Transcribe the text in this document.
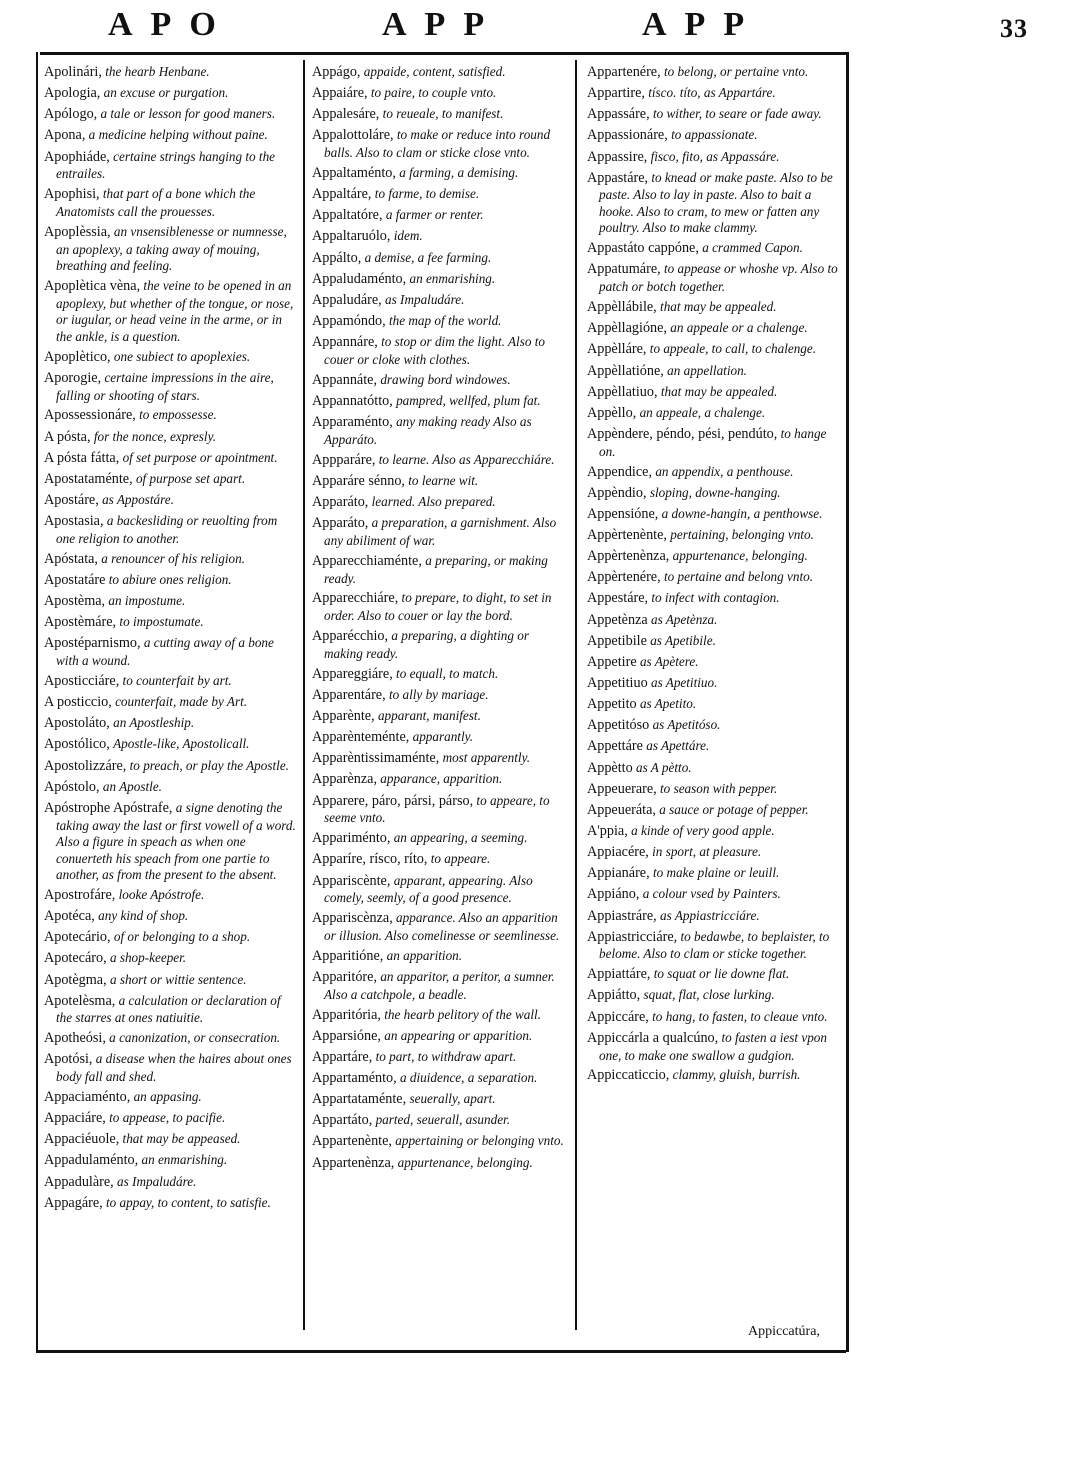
APO	APP	APP	33
Apolinári, the hearb Henbane.
Apologia, an excuse or purgation.
Apólogo, a tale or lesson for good maners.
Apona, a medicine helping without paine.
Apophiáde, certaine strings hanging to the entrailes.
Apophisi, that part of a bone which the Anatomists call the prouesses.
Apoplèssia, an vnsensiblenesse or numnesse, an apoplexy, a taking away of mouing, breathing and feeling.
Apoplètica vèna, the veine to be opened in an apoplexy, but whether of the tongue, or nose, or iugular, or head veine in the arme, or in the ankle, is a question.
Apoplètico, one subiect to apoplexies.
Aporogie, certaine impressions in the aire, falling or shooting of stars.
Apossessionáre, to empossesse.
A pósta, for the nonce, expresly.
A pósta fátta, of set purpose or apointment.
Apostataménte, of purpose set apart.
Apostáre, as Appostáre.
Apostasia, a backesliding or reuolting from one religion to another.
Apóstata, a renouncer of his religion.
Apostatáre to abiure ones religion.
Apostèma, an impostume.
Apostèmáre, to impostumate.
Apostéparnismo, a cutting away of a bone with a wound.
Aposticciáre, to counterfait by art.
A posticcio, counterfait, made by Art.
Apostoláto, an Apostleship.
Apostólico, Apostle-like, Apostolicall.
Apostolizzáre, to preach, or play the Apostle.
Apóstolo, an Apostle.
Apóstrophe Apóstrafe, a signe denoting the taking away the last or first vowell of a word. Also a figure in speach as when one conuerteth his speach from one partie to another, as from the present to the absent.
Apostrofáre, looke Apóstrofe.
Apotéca, any kind of shop.
Apotecário, of or belonging to a shop.
Apotecáro, a shop-keeper.
Apotègma, a short or wittie sentence.
Apotelèsma, a calculation or declaration of the starres at ones natiuitie.
Apotheósi, a canonization, or consecration.
Apotósi, a disease when the haires about ones body fall and shed.
Appaciaménto, an appasing.
Appaciáre, to appease, to pacifie.
Appaciéuole, that may be appeased.
Appadulaménto, an enmarishing.
Appadulàre, as Impaludáre.
Appagáre, to appay, to content, to satisfie.
Appágo, appaide, content, satisfied.
Appaiáre, to paire, to couple vnto.
Appalesáre, to reueale, to manifest.
Appalottoláre, to make or reduce into round balls. Also to clam or sticke close vnto.
Appaltaménto, a farming, a demising.
Appaltáre, to farme, to demise.
Appaltatóre, a farmer or renter.
Appaltaruólo, idem.
Appálto, a demise, a fee farming.
Appaludaménto, an enmarishing.
Appaludáre, as Impaludáre.
Appamóndo, the map of the world.
Appannáre, to stop or dim the light. Also to couer or cloke with clothes.
Appannáte, drawing bord windowes.
Appannatótto, pampred, wellfed, plum fat.
Apparaménto, any making ready Also as Apparáto.
Appparáre, to learne. Also as Apparecchiáre.
Apparáre sénno, to learne wit.
Apparáto, learned. Also prepared.
Apparáto, a preparation, a garnishment. Also any abiliment of war.
Apparecchiaménte, a preparing, or making ready.
Apparecchiáre, to prepare, to dight, to set in order. Also to couer or lay the bord.
Apparécchio, a preparing, a dighting or making ready.
Appareggiáre, to equall, to match.
Apparentáre, to ally by mariage.
Apparènte, apparant, manifest.
Apparènteménte, apparantly.
Apparèntissimaménte, most apparently.
Apparènza, apparance, apparition.
Apparere, páro, pársi, párso, to appeare, to seeme vnto.
Appariménto, an appearing, a seeming.
Apparíre, rísco, ríto, to appeare.
Appariscènte, apparant, appearing. Also comely, seemly, of a good presence.
Appariscènza, apparance. Also an apparition or illusion. Also comelinesse or seemlinesse.
Apparitióne, an apparition.
Apparitóre, an apparitor, a peritor, a sumner. Also a catchpole, a beadle.
Apparitória, the hearb pelitory of the wall.
Apparsióne, an appearing or apparition.
Appartáre, to part, to withdraw apart.
Appartaménto, a diuidence, a separation.
Appartataménte, seuerally, apart.
Appartáto, parted, seuerall, asunder.
Appartenènte, appertaining or belonging vnto.
Appartenènza, appurtenance, belonging.
Appartenére, to belong, or pertaine vnto.
Appartire, tísco. títo, as Appartáre.
Appassáre, to wither, to seare or fade away.
Appassionáre, to appassionate.
Appassire, fisco, fito, as Appassáre.
Appastáre, to knead or make paste. Also to be paste. Also to lay in paste. Also to bait a hooke. Also to cram, to mew or fatten any poultry. Also to make clammy.
Appastáto cappóne, a crammed Capon.
Appatumáre, to appease or whoshe vp. Also to patch or botch together.
Appèllábile, that may be appealed.
Appèllagióne, an appeale or a chalenge.
Appèlláre, to appeale, to call, to chalenge.
Appèllatióne, an appellation.
Appèllatiuo, that may be appealed.
Appèllo, an appeale, a chalenge.
Appèndere, péndo, pési, pendúto, to hange on.
Appendice, an appendix, a penthouse.
Appèndio, sloping, downe-hanging.
Appensióne, a downe-hangin, a penthowse.
Appèrtenènte, pertaining, belonging vnto.
Appèrtenènza, appurtenance, belonging.
Appèrtenére, to pertaine and belong vnto.
Appestáre, to infect with contagion.
Appetènza as Apetènza.
Appetibile as Apetibile.
Appetire as Apètere.
Appetitiuo as Apetitiuo.
Appetito as Apetito.
Appetitóso as Apetitóso.
Appettáre as Apettáre.
Appètto as A pètto.
Appeuerare, to season with pepper.
Appeueráta, a sauce or potage of pepper.
A'ppia, a kinde of very good apple.
Appiacére, in sport, at pleasure.
Appianáre, to make plaine or leuill.
Appiáno, a colour vsed by Painters.
Appiastráre, as Appiastricciáre.
Appiastricciáre, to bedawbe, to beplaister, to belome. Also to clam or sticke together.
Appiattáre, to squat or lie downe flat.
Appiátto, squat, flat, close lurking.
Appiccáre, to hang, to fasten, to cleaue vnto.
Appiccárla a qualcúno, to fasten a iest vpon one, to make one swallow a gudgion.
Appiccaticcio, clammy, gluish, burrish.
Appiccatúra,
